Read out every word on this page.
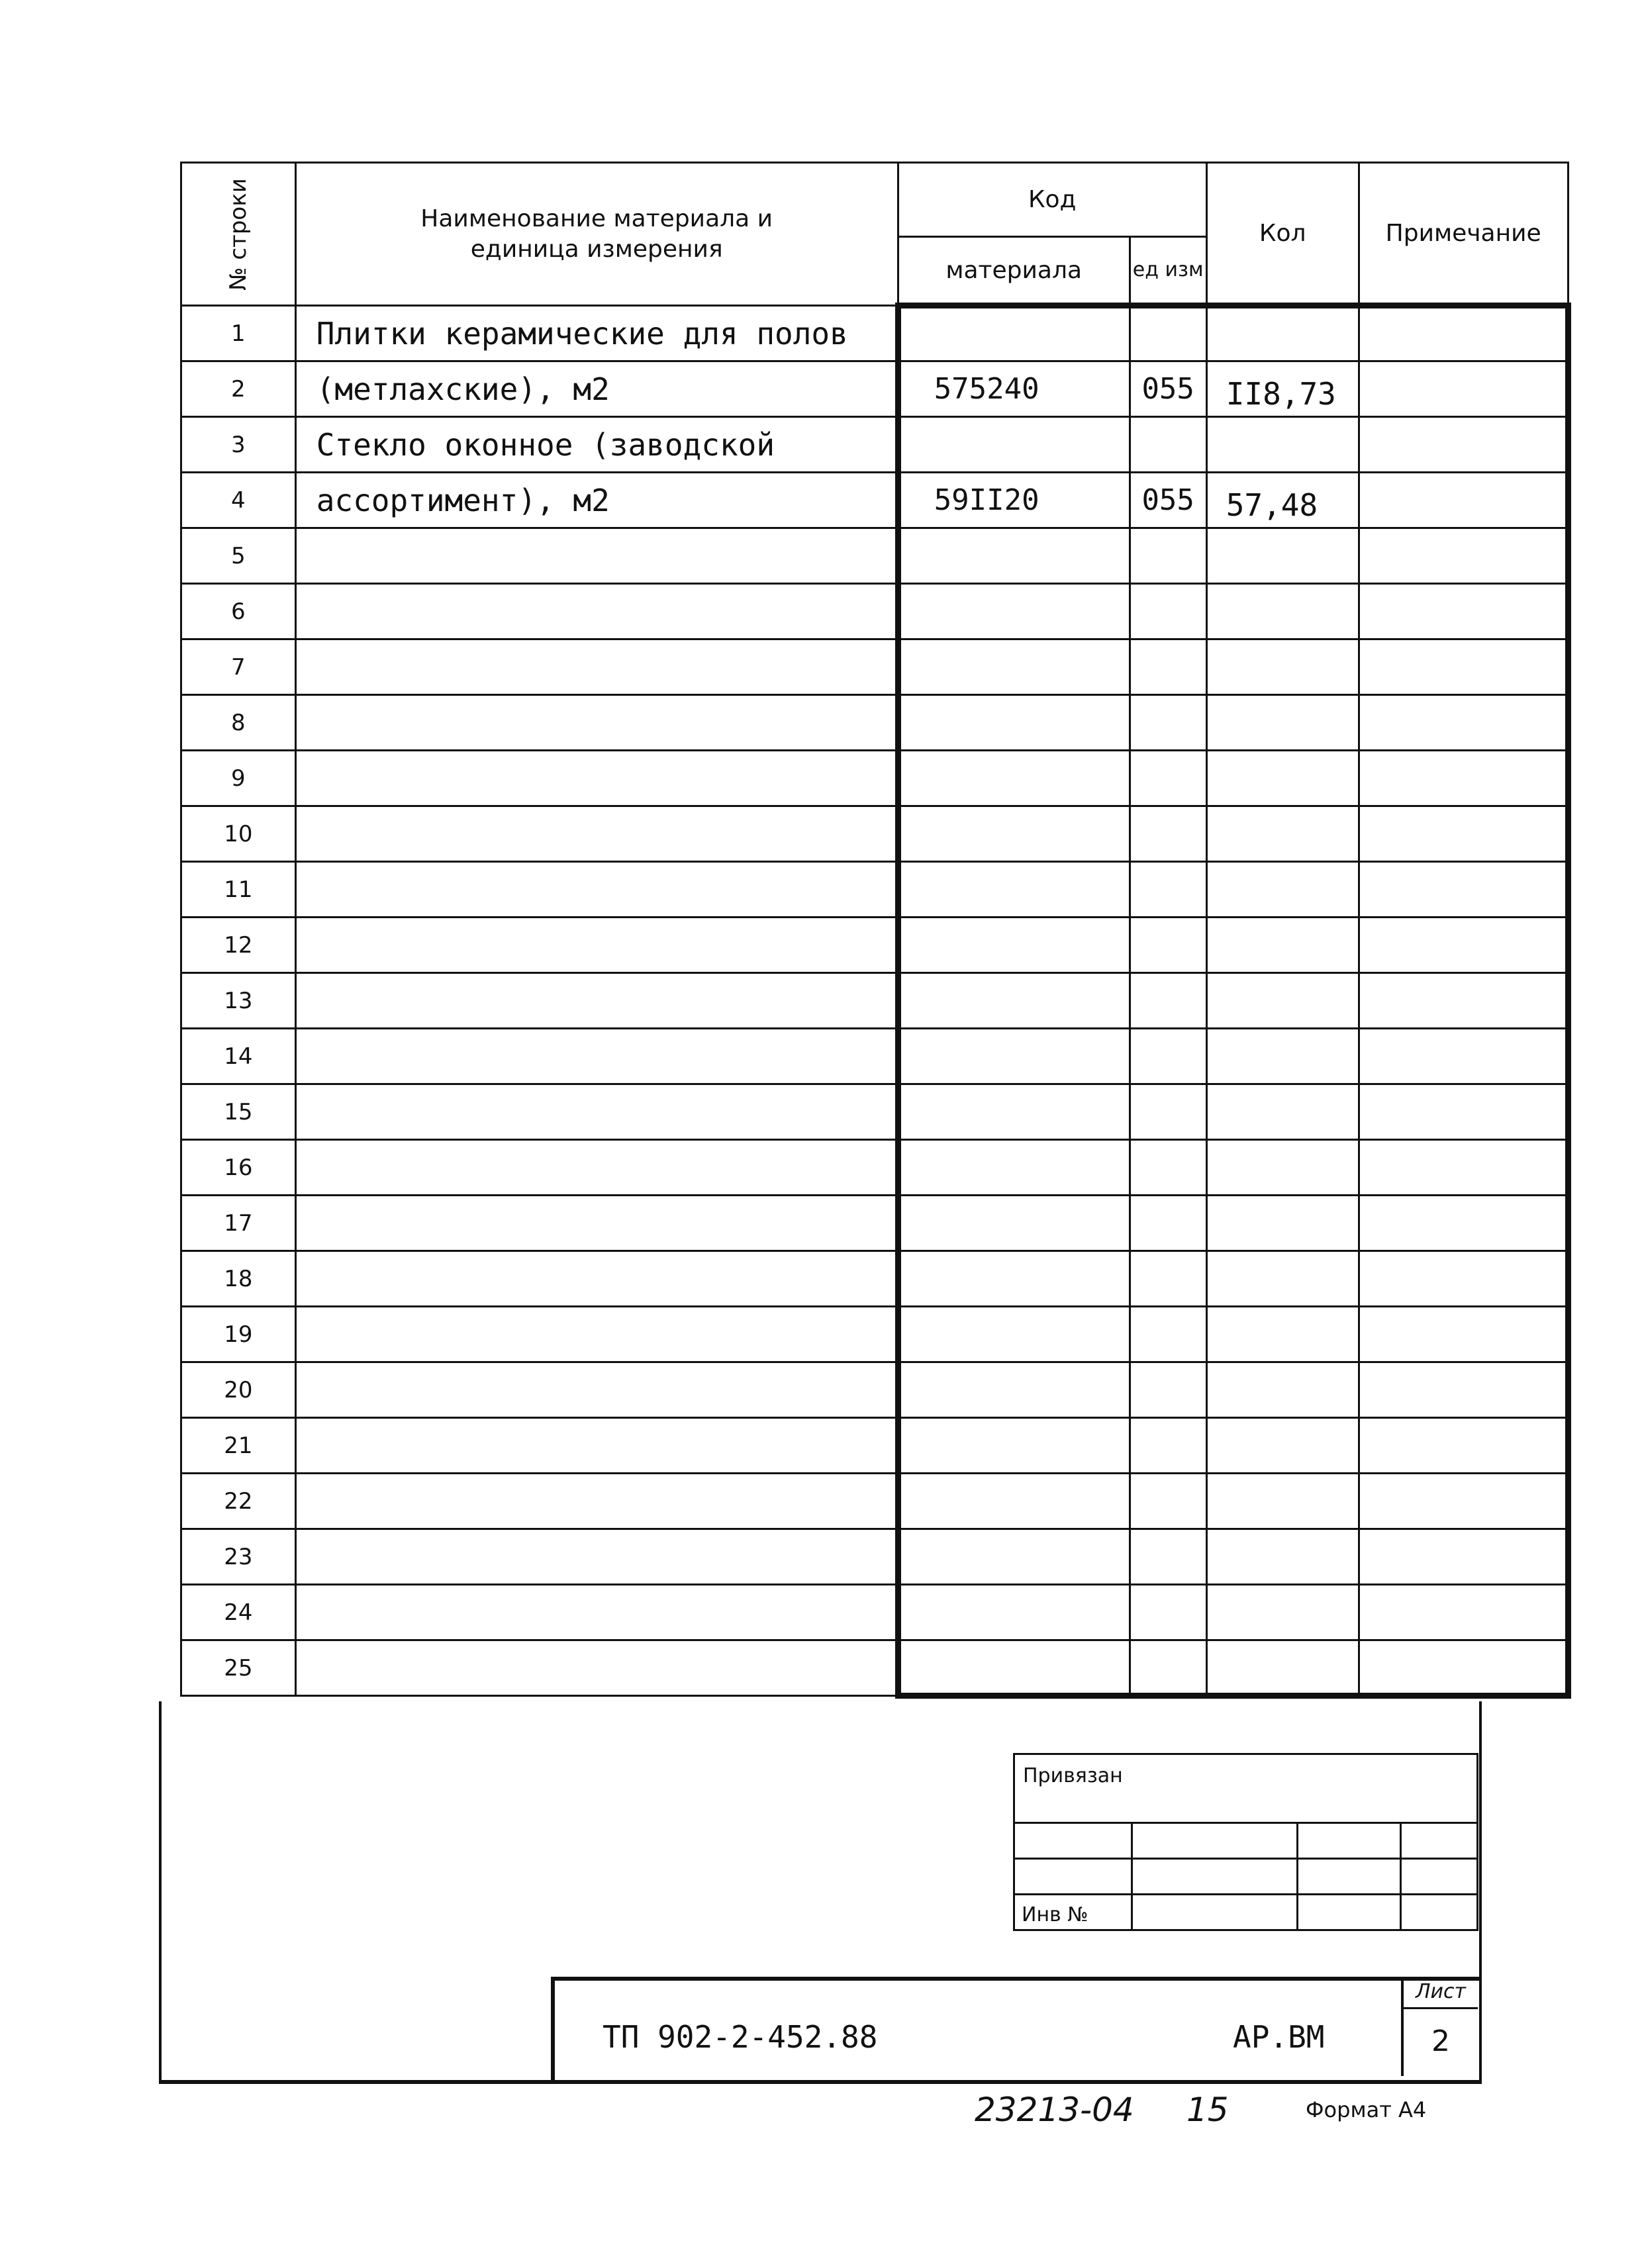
№ строки	Наименование материала и единица измерения	Код		Кол	Примечание
		материала	ед изм		
1	Плитки керамические для полов				
2	(метлахские), м2	575240	055	II8,73	
3	Стекло оконное (заводской				
4	ассортимент), м2	59II20	055	57,48	
5					
6					
7					
8					
9					
10					
11					
12					
13					
14					
15					
16					
17					
18					
19					
20					
21					
22					
23					
24					
25					
Привязан			

Инв №			
ТП 902-2-452.88	АР.ВМ
Лист
2
23213-04 15	Формат А4
